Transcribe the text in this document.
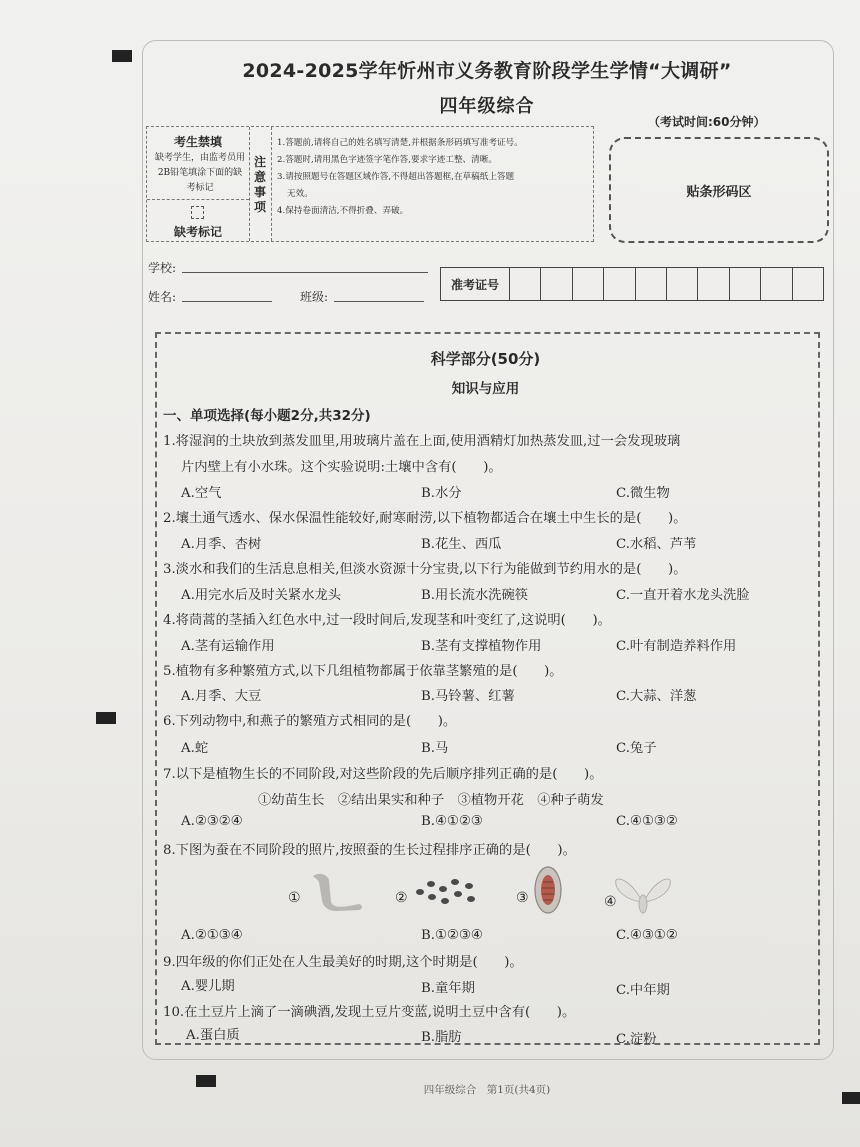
2024-2025学年忻州市义务教育阶段学生学情“大调研”
四年级综合
（考试时间:60分钟）
考生禁填
缺考学生，由监考员用2B铅笔填涂下面的缺考标记
缺考标记
注意事项
1.答题前,请将自己的姓名填写清楚,并根据条形码填写准考证号。
2.答题时,请用黑色字迹签字笔作答,要求字迹工整、清晰。
3.请按照题号在答题区域作答,不得超出答题框,在草稿纸上答题
无效。
4.保持卷面清洁,不得折叠、弄破。
贴条形码区
学校:
姓名:	班级:
准考证号
科学部分(50分)
知识与应用
一、单项选择(每小题2分,共32分)
1.将湿润的土块放到蒸发皿里,用玻璃片盖在上面,使用酒精灯加热蒸发皿,过一会发现玻璃
片内壁上有小水珠。这个实验说明:土壤中含有(　　)。
A.空气	B.水分	C.微生物
2.壤土通气透水、保水保温性能较好,耐寒耐涝,以下植物都适合在壤土中生长的是(　　)。
A.月季、杏树	B.花生、西瓜	C.水稻、芦苇
3.淡水和我们的生活息息相关,但淡水资源十分宝贵,以下行为能做到节约用水的是(　　)。
A.用完水后及时关紧水龙头	B.用长流水洗碗筷	C.一直开着水龙头洗脸
4.将茼蒿的茎插入红色水中,过一段时间后,发现茎和叶变红了,这说明(　　)。
A.茎有运输作用	B.茎有支撑植物作用	C.叶有制造养料作用
5.植物有多种繁殖方式,以下几组植物都属于依靠茎繁殖的是(　　)。
A.月季、大豆	B.马铃薯、红薯	C.大蒜、洋葱
6.下列动物中,和燕子的繁殖方式相同的是(　　)。
A.蛇	B.马	C.兔子
7.以下是植物生长的不同阶段,对这些阶段的先后顺序排列正确的是(　　)。
①幼苗生长　②结出果实和种子　③植物开花　④种子萌发
A.②③②④	B.④①②③	C.④①③②
8.下图为蚕在不同阶段的照片,按照蚕的生长过程排序正确的是(　　)。
①	②	③	④
A.②①③④	B.①②③④	C.④③①②
9.四年级的你们正处在人生最美好的时期,这个时期是(　　)。
A.婴儿期	B.童年期	C.中年期
10.在土豆片上滴了一滴碘酒,发现土豆片变蓝,说明土豆中含有(　　)。
A.蛋白质	B.脂肪	C.淀粉
四年级综合　第1页(共4页)
